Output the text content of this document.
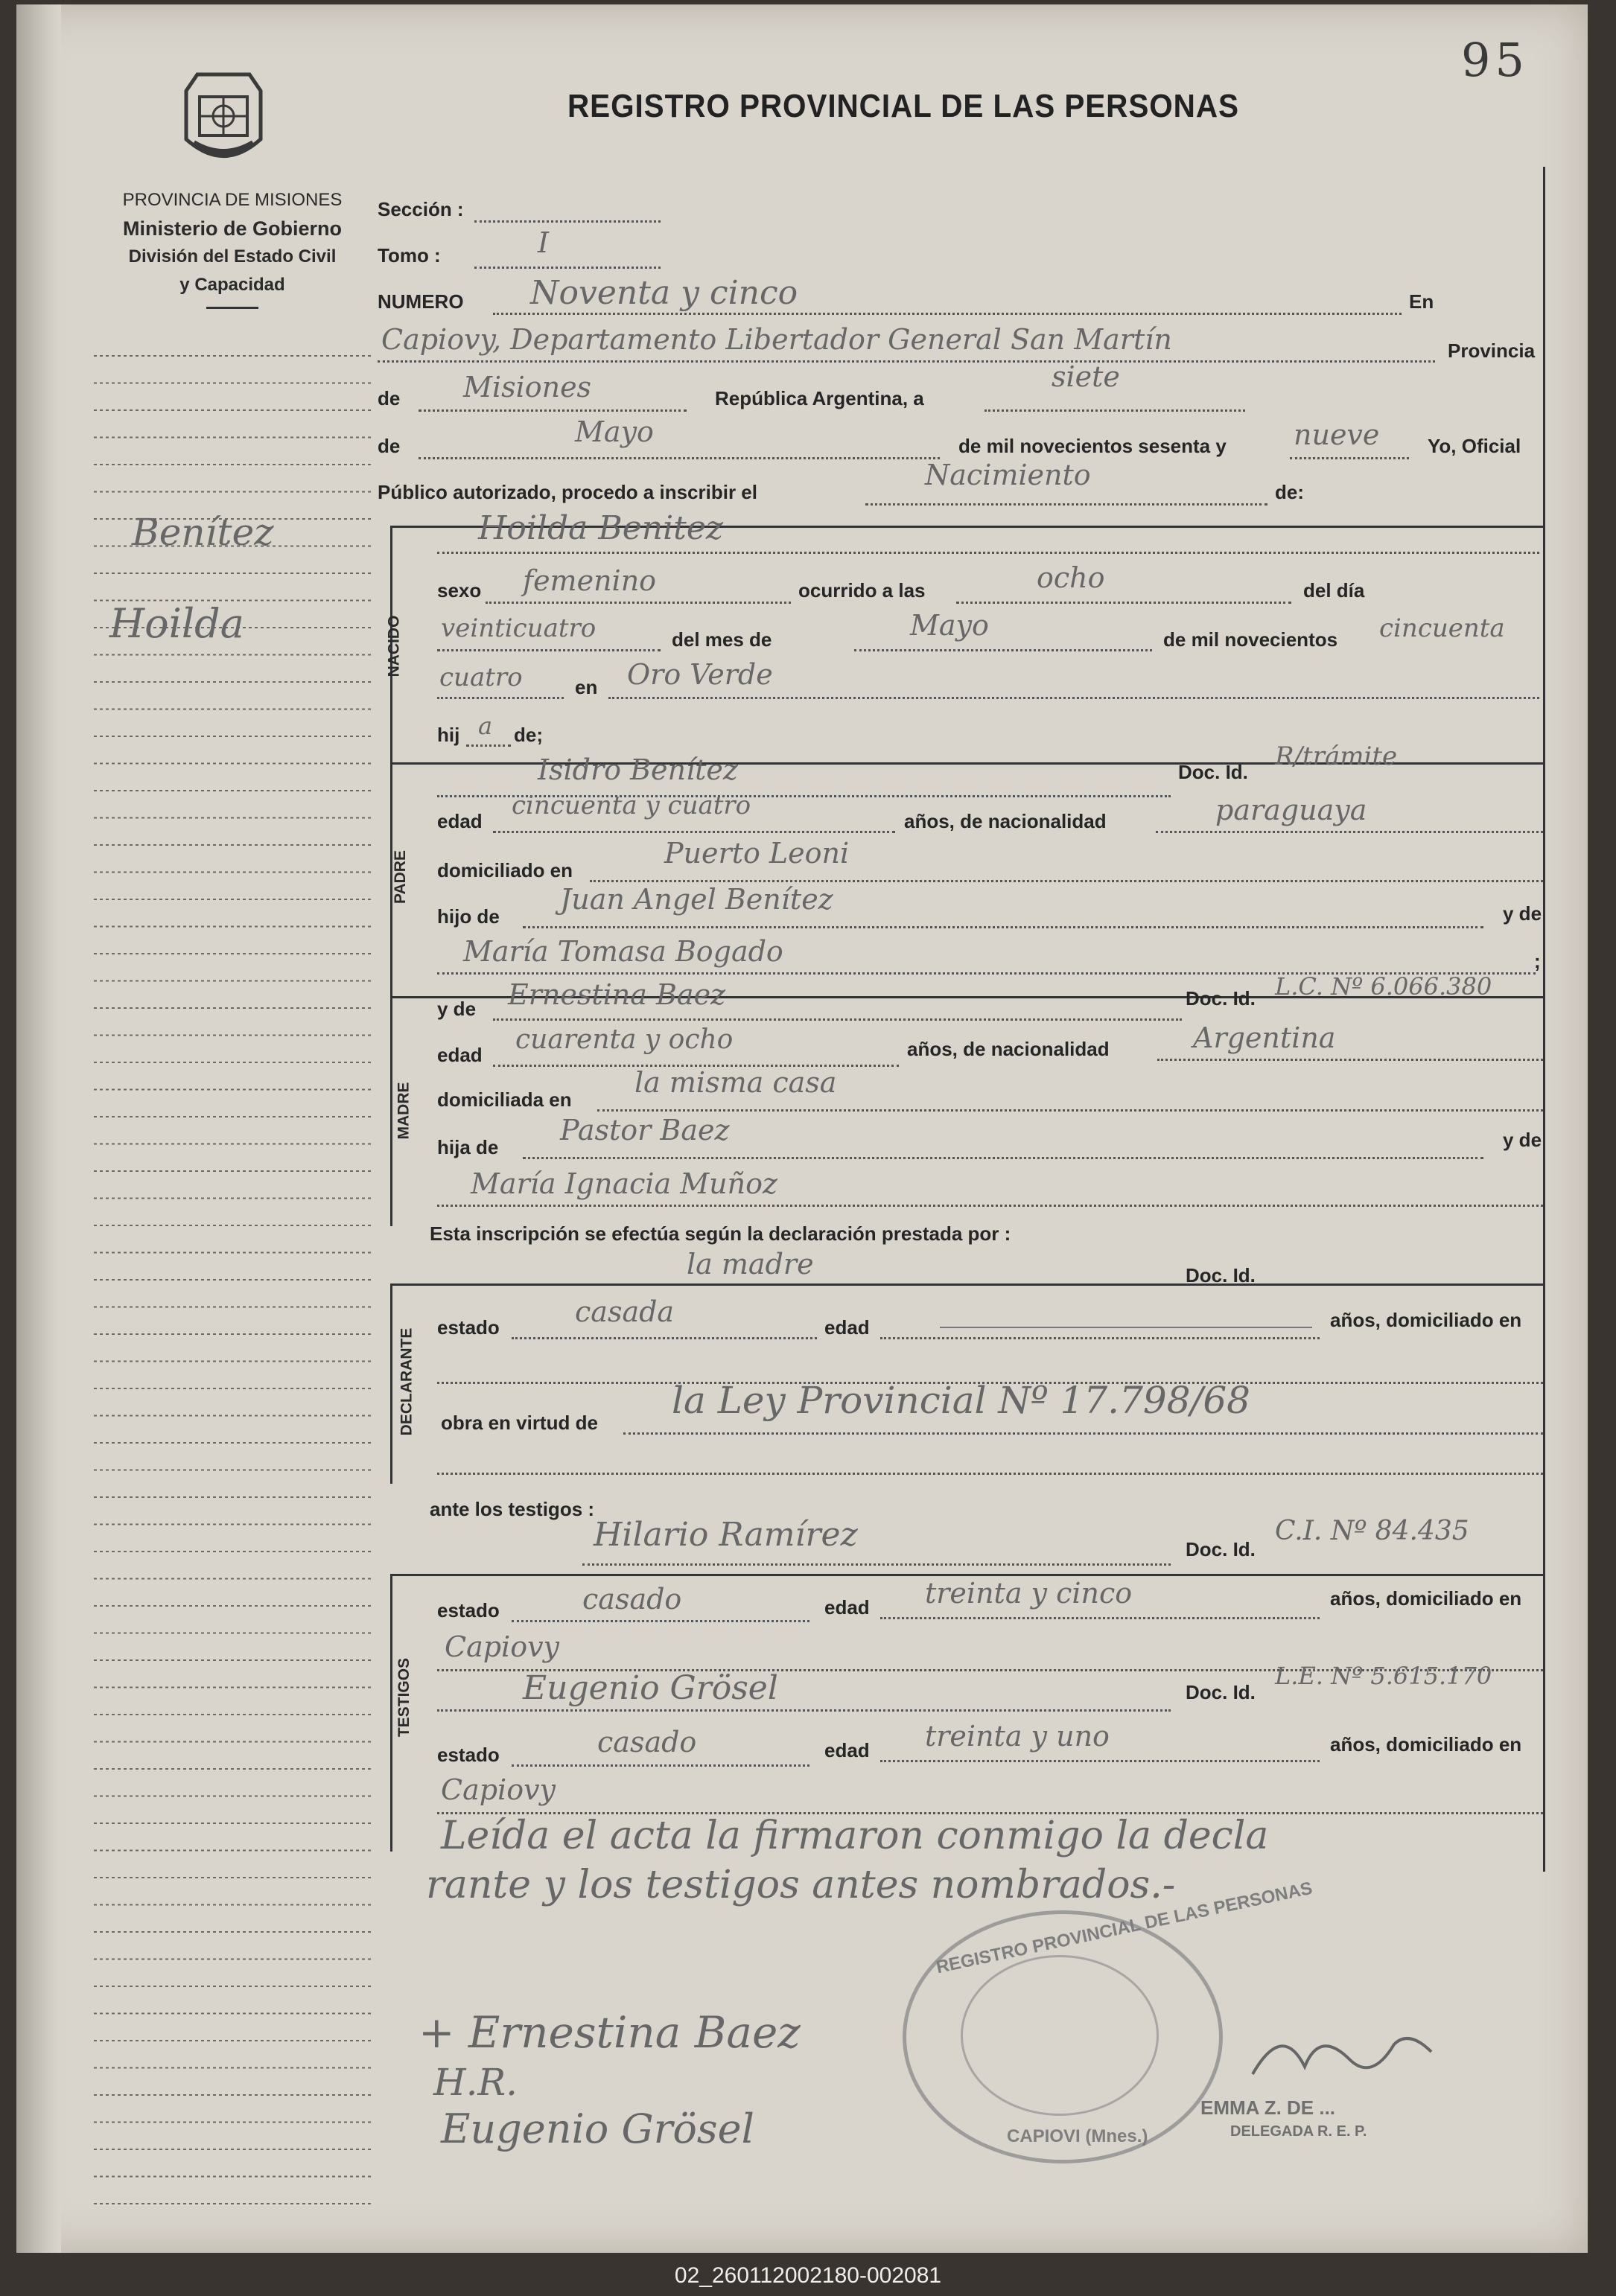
95
REGISTRO PROVINCIAL DE LAS PERSONAS
PROVINCIA DE MISIONES
Ministerio de Gobierno
División del Estado Civil
y Capacidad
Benítez
Hoilda
Sección :
Tomo :	I
NUMERO Noventa y cinco	En
Capiovy, Departamento Libertador General San Martín	Provincia
de Misiones	República Argentina, a
siete
de	Mayo	de mil novecientos sesenta y nueve Yo, Oficial
Público autorizado, procedo a inscribir el
Nacimiento
de:
NACIDO
Hoilda Benitez
sexo femenino	ocurrido a las	ocho	del día
veinticuatro	del mes de	Mayo	de mil novecientos cincuenta
cuatro	en Oro Verde
hij a de;
PADRE
Isidro Benítez	Doc. Id.
R/trámite
edad
cincuenta y cuatro
años, de nacionalidad	paraguaya
domiciliado en
Puerto Leoni
hijo de
Juan Angel Benítez	y de
María Tomasa Bogado	;
MADRE
y de Ernestina Baez	Doc. Id. L.C. Nº 6.066.380
edad cuarenta y ocho	años, de nacionalidad	Argentina
domiciliada en
la misma casa
hija de
Pastor Baez	y de
María Ignacia Muñoz
Esta inscripción se efectúa según la declaración prestada por :
la madre	Doc. Id.
DECLARANTE
estado	casada	edad	años, domiciliado en
obra en virtud de
la Ley Provincial Nº 17.798/68
ante los testigos :
Hilario Ramírez	Doc. Id.
C.I. Nº 84.435
TESTIGOS
estado	casado	edad treinta y cinco	años, domiciliado en
Capiovy
Eugenio Grösel	Doc. Id.
L.E. Nº 5.615.170
estado	casado	edad treinta y uno	años, domiciliado en
Capiovy
Leída el acta la firmaron conmigo la decla
rante y los testigos antes nombrados.-
REGISTRO PROVINCIAL DE LAS PERSONAS
CAPIOVI (Mnes.)
+ Ernestina Baez
H.R.
Eugenio Grösel	EMMA Z. DE ...
DELEGADA R. E. P.
02_260112002180-002081
